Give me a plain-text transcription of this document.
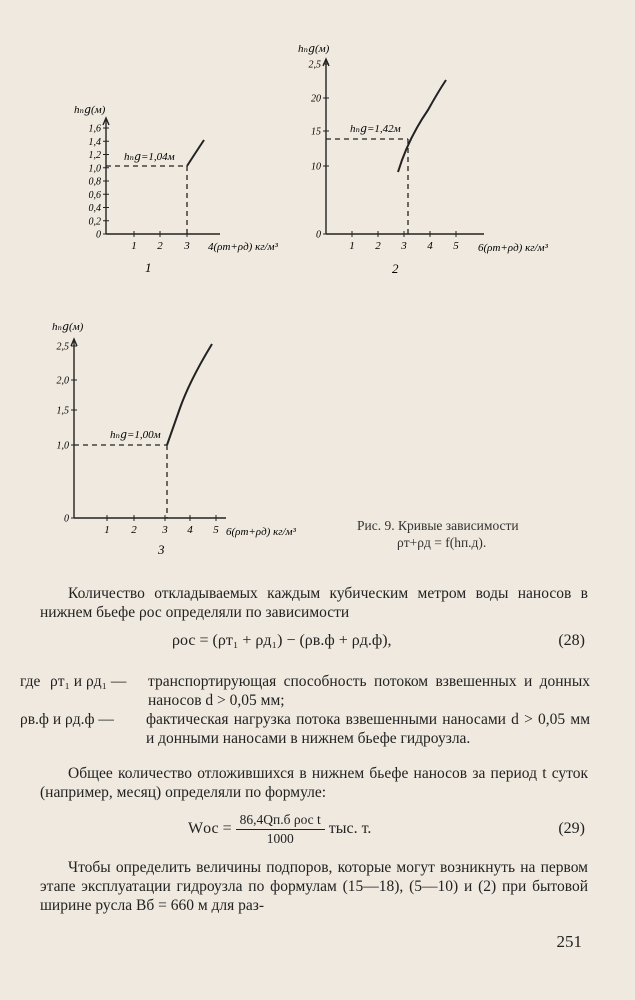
hₙ𝑔(м)
1,6
1,4
1,2
1,0
0,8
0,6
0,4
0,2
0
1 2 3 4(ρт+ρд) кг/м³
hₙ𝑔=1,04м
1
hₙ𝑔(м)
2,5
20
15
10
0
1 2 3 4 5 6(ρт+ρд) кг/м³
hₙ𝑔=1,42м
2
hₙ𝑔(м)
2,5
2,0
1,5
1,0
0
1 2 3 4 5 6(ρт+ρд) кг/м³
hₙ𝑔=1,00м
3
Рис. 9. Кривые зависимости
ρт+ρд = f(hп.д).
Количество откладываемых каждым кубическим метром воды наносов в нижнем бьефе ρос определяли по зависимости
ρос = (ρт₁ + ρд₁) − (ρв.ф + ρд.ф),	(28)
где ρт₁ и ρд₁ —	транспортирующая способность потоком взвешенных и донных наносов d > 0,05 мм;
ρв.ф и ρд.ф —	фактическая нагрузка потока взвешенными наносами d > 0,05 мм и донными наносами в нижнем бьефе гидроузла.
Общее количество отложившихся в нижнем бьефе наносов за период t суток (например, месяц) определяли по формуле:
Wос = $\frac{\text{86,4Qп.б ρос t}}{1000}$ тыс. т.	(29)
Чтобы определить величины подпоров, которые могут возникнуть на первом этапе эксплуатации гидроузла по формулам (15—18), (5—10) и (2) при бытовой ширине русла Bб = 660 м для раз-
251
